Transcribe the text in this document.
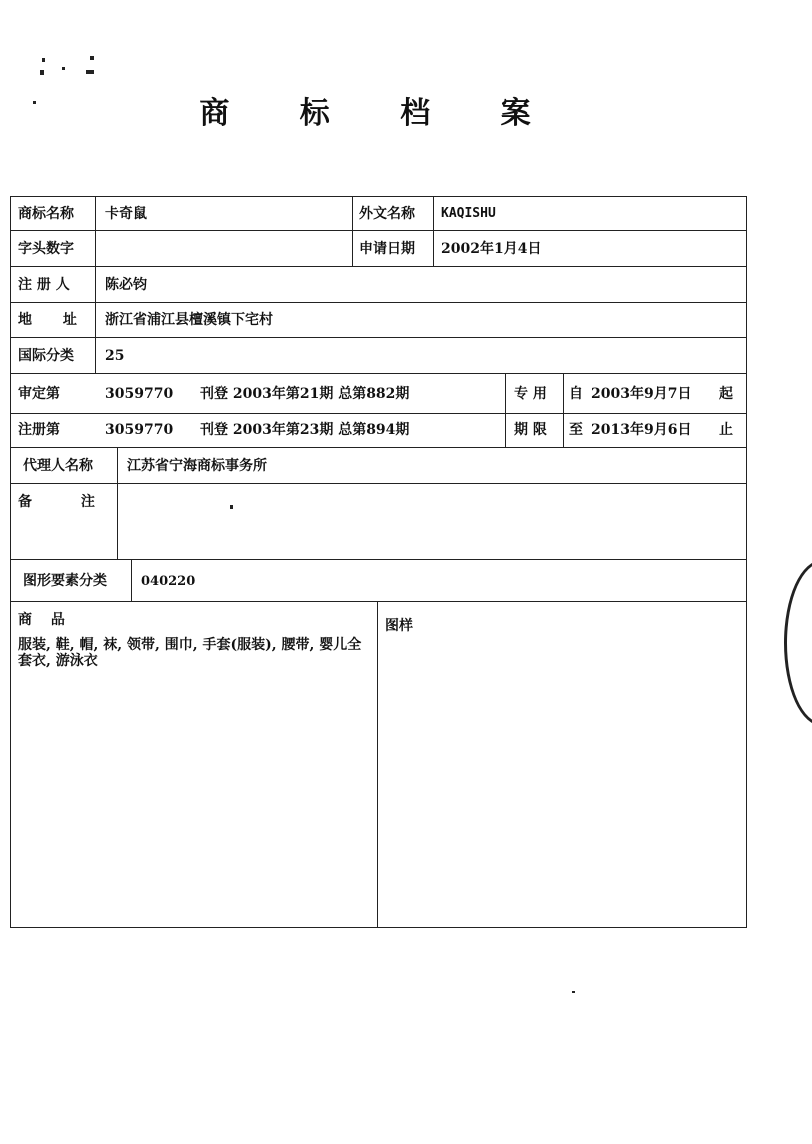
商 标 档 案
商标名称 卡奇鼠	外文名称 KAQISHU
字头数字	申请日期 2002年1月4日
注 册 人	陈必钧
地 址	浙江省浦江县檀溪镇下宅村
国际分类 25
审定第	3059770 刊登 2003年第21期 总第882期	专 用 自 2003年9月7日 起
注册第	3059770 刊登 2003年第23期 总第894期	期 限 至 2013年9月6日 止
代理人名称 江苏省宁海商标事务所
备 注
图形要素分类	040220
商 品
服装, 鞋, 帽, 袜, 领带, 围巾, 手套(服装), 腰带, 婴儿全套衣, 游泳衣
图样
